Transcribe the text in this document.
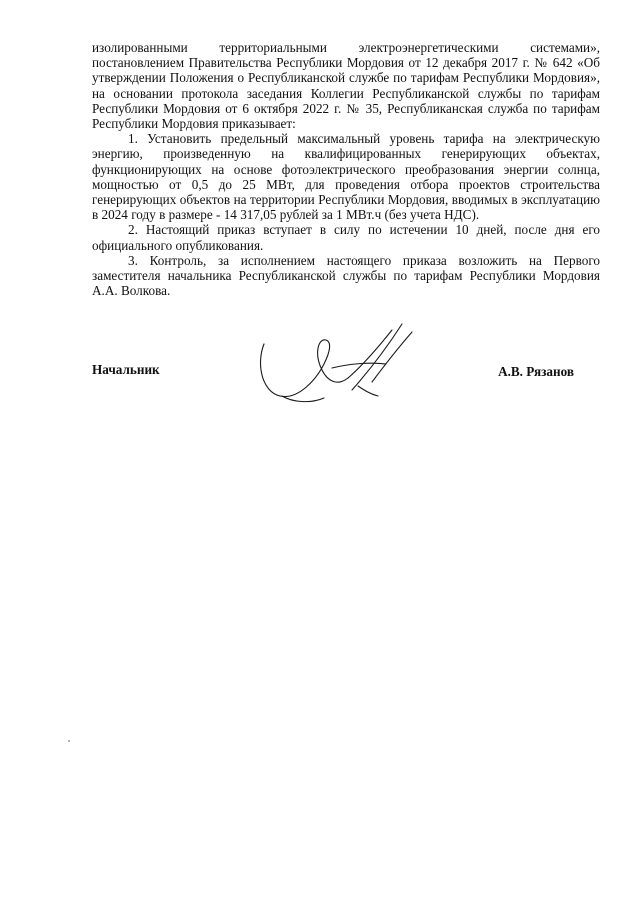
изолированными территориальными электроэнергетическими системами», постановлением Правительства Республики Мордовия от 12 декабря 2017 г. № 642 «Об утверждении Положения о Республиканской службе по тарифам Республики Мордовия», на основании протокола заседания Коллегии Республиканской службы по тарифам Республики Мордовия от 6 октября 2022 г. № 35, Республиканская служба по тарифам Республики Мордовия приказывает:

1. Установить предельный максимальный уровень тарифа на электрическую энергию, произведенную на квалифицированных генерирующих объектах, функционирующих на основе фотоэлектрического преобразования энергии солнца, мощностью от 0,5 до 25 МВт, для проведения отбора проектов строительства генерирующих объектов на территории Республики Мордовия, вводимых в эксплуатацию в 2024 году в размере - 14 317,05 рублей за 1 МВт.ч (без учета НДС).

2. Настоящий приказ вступает в силу по истечении 10 дней, после дня его официального опубликования.

3. Контроль, за исполнением настоящего приказа возложить на Первого заместителя начальника Республиканской службы по тарифам Республики Мордовия А.А. Волкова.

Начальник	А.В. Рязанов
